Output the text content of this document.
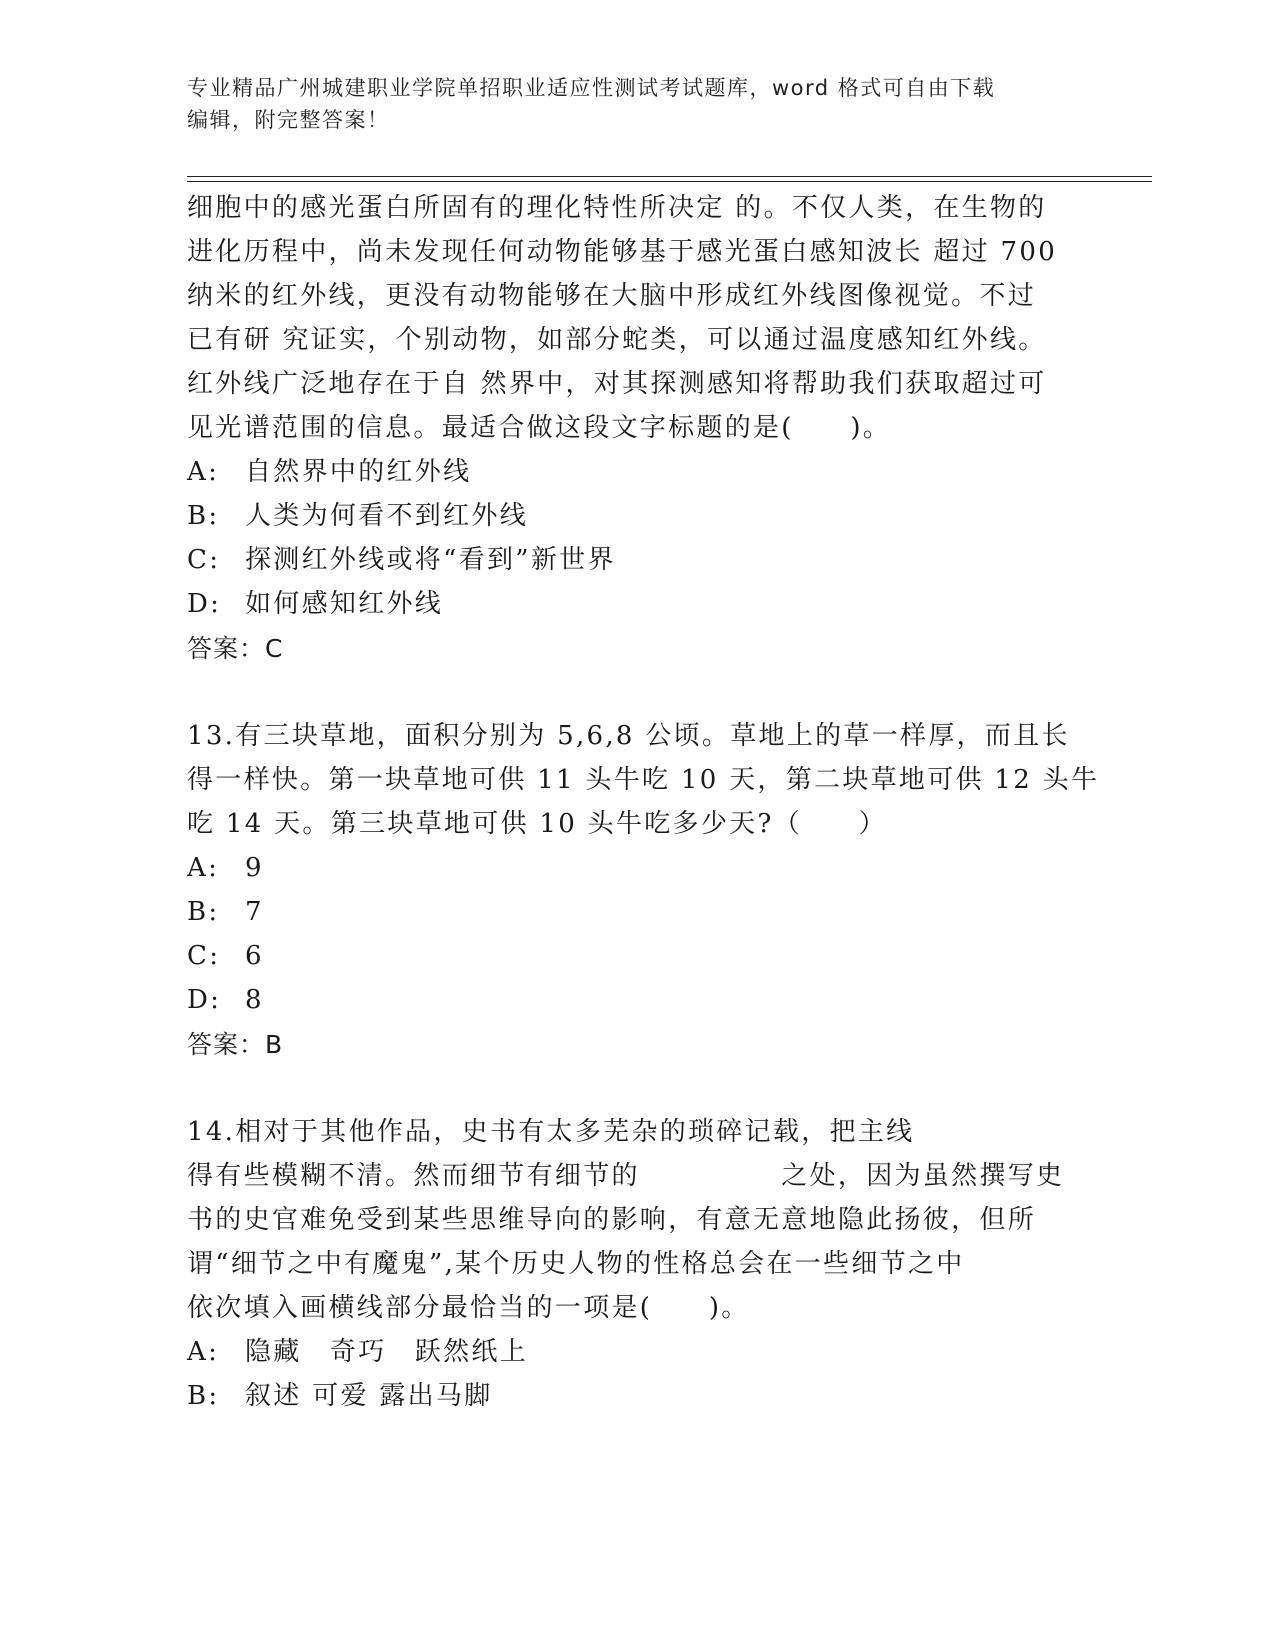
专业精品广州城建职业学院单招职业适应性测试考试题库，word 格式可自由下载
编辑，附完整答案！
细胞中的感光蛋白所固有的理化特性所决定 的。不仅人类，在生物的
进化历程中，尚未发现任何动物能够基于感光蛋白感知波长 超过 700
纳米的红外线，更没有动物能够在大脑中形成红外线图像视觉。不过
已有研 究证实，个别动物，如部分蛇类，可以通过温度感知红外线。
红外线广泛地存在于自 然界中，对其探测感知将帮助我们获取超过可
见光谱范围的信息。最适合做这段文字标题的是(　　)。
A: 自然界中的红外线
B: 人类为何看不到红外线
C: 探测红外线或将“看到”新世界
D: 如何感知红外线
答案：C
13.有三块草地，面积分别为 5,6,8 公顷。草地上的草一样厚，而且长
得一样快。第一块草地可供 11 头牛吃 10 天，第二块草地可供 12 头牛
吃 14 天。第三块草地可供 10 头牛吃多少天?（　　）
A: 9
B: 7
C: 6
D: 8
答案：B
14.相对于其他作品，史书有太多芜杂的琐碎记载，把主线
得有些模糊不清。然而细节有细节的　　　　　之处，因为虽然撰写史
书的史官难免受到某些思维导向的影响，有意无意地隐此扬彼，但所
谓“细节之中有魔鬼”,某个历史人物的性格总会在一些细节之中
依次填入画横线部分最恰当的一项是(　　)。
A: 隐藏　奇巧　跃然纸上
B: 叙述 可爱 露出马脚
